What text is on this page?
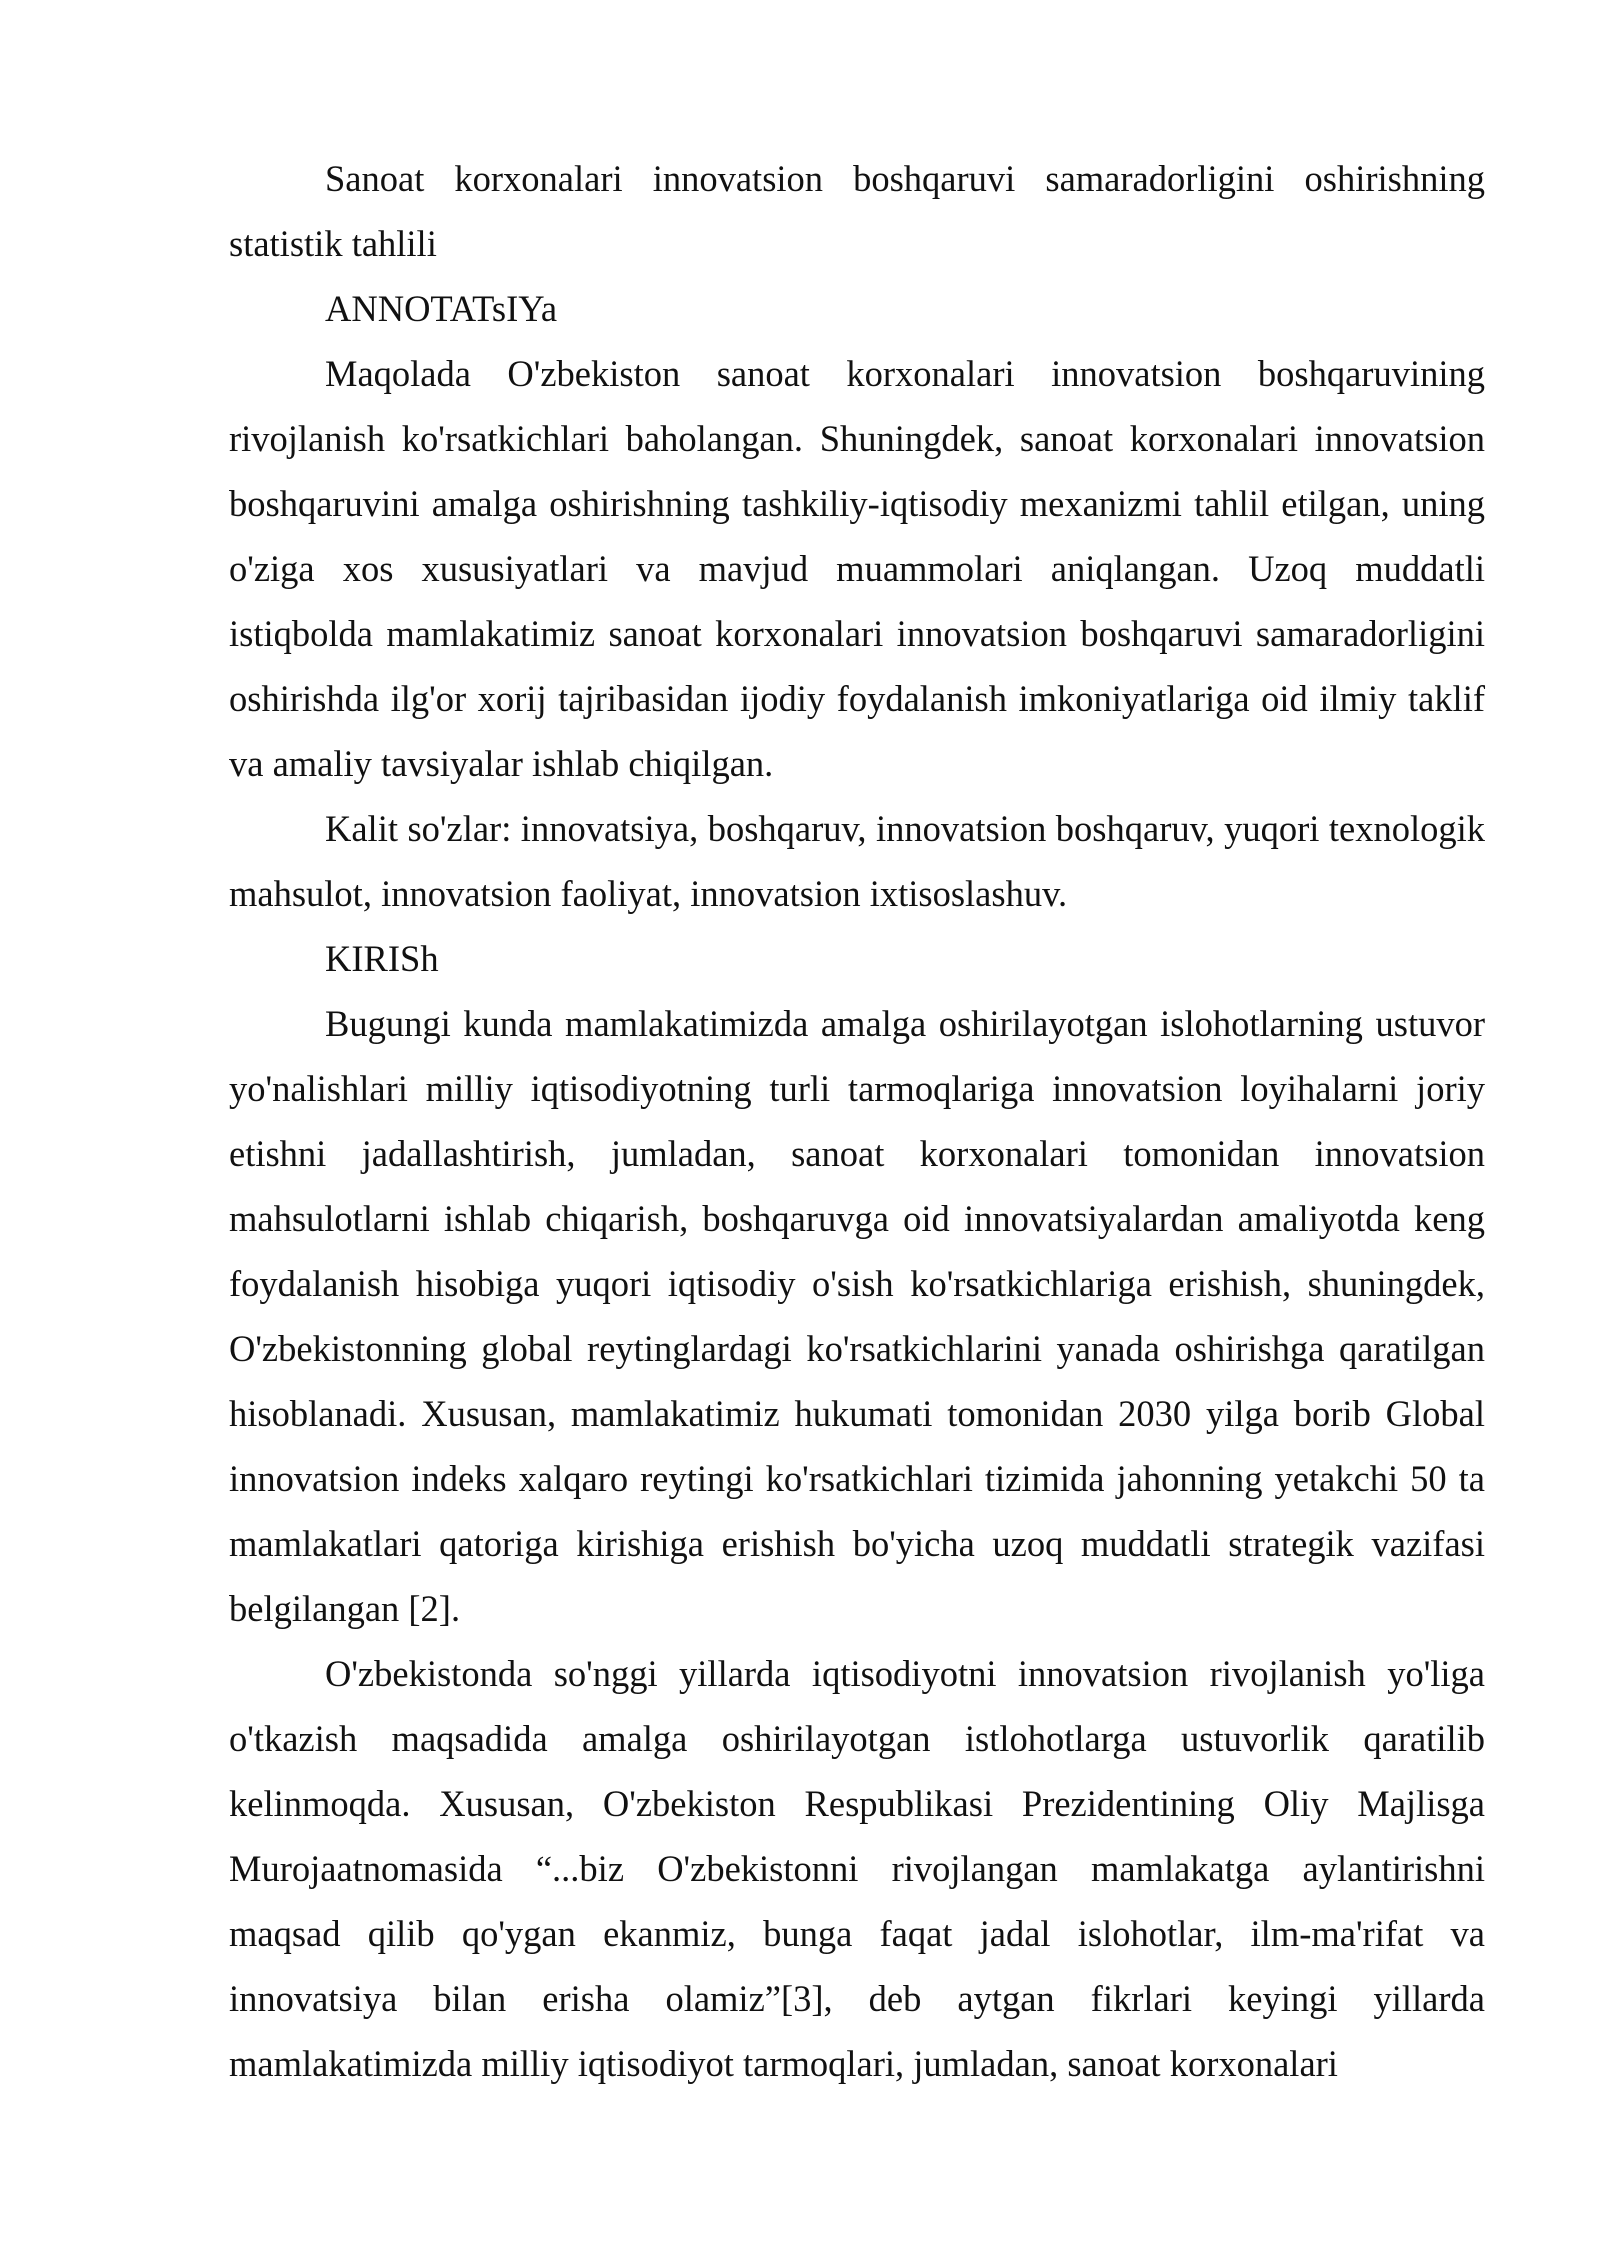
Sanoat korxonalari innovatsion boshqaruvi samaradorligini oshirishning statistik tahlili

ANNOTATsIYa

Maqolada O'zbekiston sanoat korxonalari innovatsion boshqaruvining rivojlanish ko'rsatkichlari baholangan. Shuningdek, sanoat korxonalari innovatsion boshqaruvini amalga oshirishning tashkiliy-iqtisodiy mexanizmi tahlil etilgan, uning o'ziga xos xususiyatlari va mavjud muammolari aniqlangan. Uzoq muddatli istiqbolda mamlakatimiz sanoat korxonalari innovatsion boshqaruvi samaradorligini oshirishda ilg'or xorij tajribasidan ijodiy foydalanish imkoniyatlariga oid ilmiy taklif va amaliy tavsiyalar ishlab chiqilgan.

Kalit so'zlar: innovatsiya, boshqaruv, innovatsion boshqaruv, yuqori texnologik mahsulot, innovatsion faoliyat, innovatsion ixtisoslashuv.

KIRISh

Bugungi kunda mamlakatimizda amalga oshirilayotgan islohotlarning ustuvor yo'nalishlari milliy iqtisodiyotning turli tarmoqlariga innovatsion loyihalarni joriy etishni jadallashtirish, jumladan, sanoat korxonalari tomonidan innovatsion mahsulotlarni ishlab chiqarish, boshqaruvga oid innovatsiyalardan amaliyotda keng foydalanish hisobiga yuqori iqtisodiy o'sish ko'rsatkichlariga erishish, shuningdek, O'zbekistonning global reytinglardagi ko'rsatkichlarini yanada oshirishga qaratilgan hisoblanadi. Xususan, mamlakatimiz hukumati tomonidan 2030 yilga borib Global innovatsion indeks xalqaro reytingi ko'rsatkichlari tizimida jahonning yetakchi 50 ta mamlakatlari qatoriga kirishiga erishish bo'yicha uzoq muddatli strategik vazifasi belgilangan [2].

O'zbekistonda so'nggi yillarda iqtisodiyotni innovatsion rivojlanish yo'liga o'tkazish maqsadida amalga oshirilayotgan istlohotlarga ustuvorlik qaratilib kelinmoqda. Xususan, O'zbekiston Respublikasi Prezidentining Oliy Majlisga Murojaatnomasida “...biz O'zbekistonni rivojlangan mamlakatga aylantirishni maqsad qilib qo'ygan ekanmiz, bunga faqat jadal islohotlar, ilm-ma'rifat va innovatsiya bilan erisha olamiz”[3], deb aytgan fikrlari keyingi yillarda mamlakatimizda milliy iqtisodiyot tarmoqlari, jumladan, sanoat korxonalari
